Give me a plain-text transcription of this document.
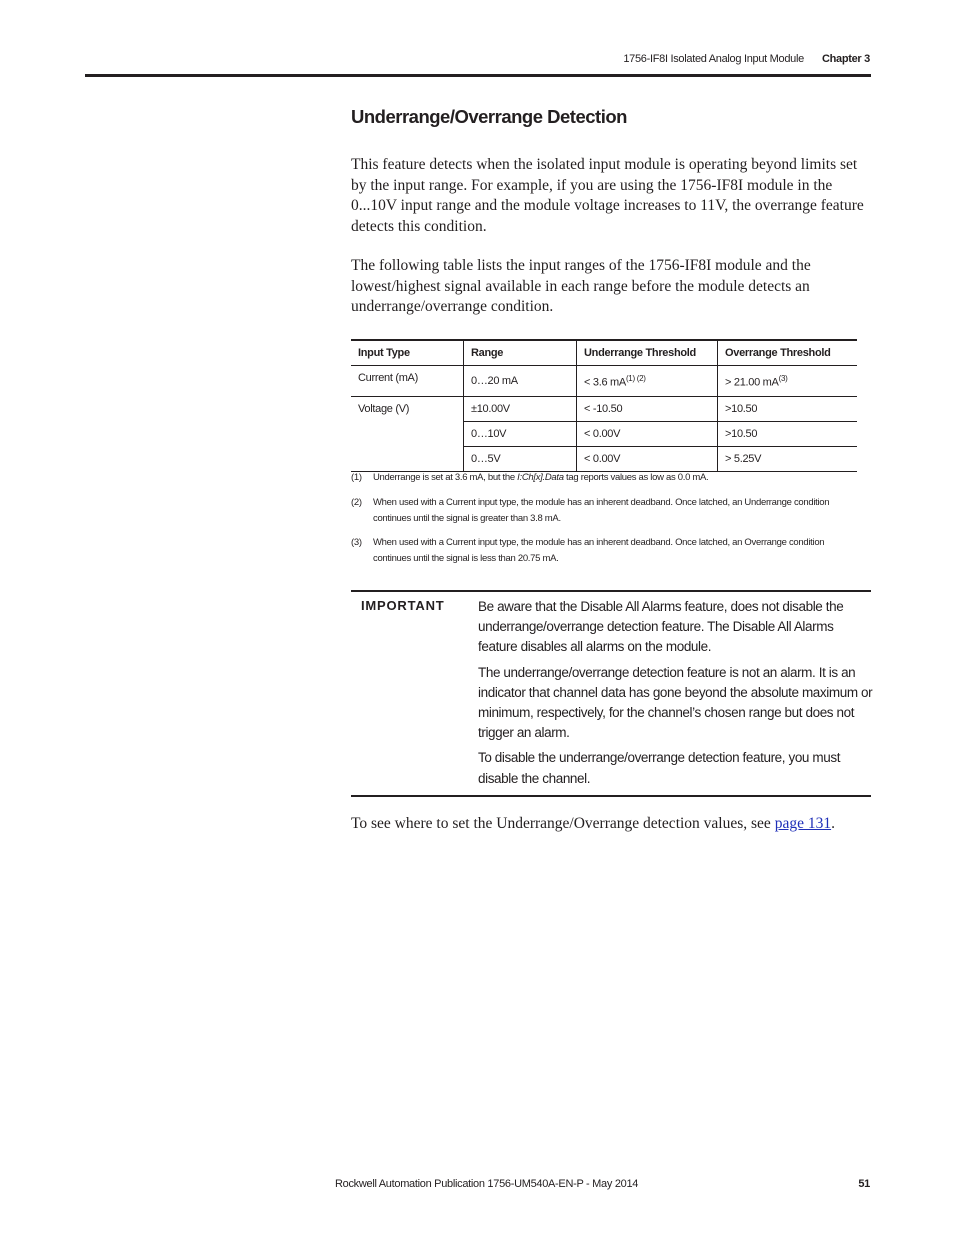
1756-IF8I Isolated Analog Input Module Chapter 3
Underrange/Overrange Detection

This feature detects when the isolated input module is operating beyond limits set by the input range. For example, if you are using the 1756-IF8I module in the 0...10V input range and the module voltage increases to 11V, the overrange feature detects this condition.

The following table lists the input ranges of the 1756-IF8I module and the lowest/highest signal available in each range before the module detects an underrange/overrange condition.

Input Type	Range	Underrange Threshold	Overrange Threshold
Current (mA)	0…20 mA	< 3.6 $mA^{(1) (2)}$	> 21.00 $mA^{(3)}$
Voltage (V)	±10.00V	< -10.50	>10.50
	0…10V	< 0.00V	>10.50
	0…5V	< 0.00V	> 5.25V
(1) Underrange is set at 3.6 mA, but the I:Ch[x].Data tag reports values as low as 0.0 mA.
(2) When used with a Current input type, the module has an inherent deadband. Once latched, an Underrange condition continues until the signal is greater than 3.8 mA.
(3) When used with a Current input type, the module has an inherent deadband. Once latched, an Overrange condition continues until the signal is less than 20.75 mA.
IMPORTANT Be aware that the Disable All Alarms feature, does not disable the underrange/overrange detection feature. The Disable All Alarms feature disables all alarms on the module.

The underrange/overrange detection feature is not an alarm. It is an indicator that channel data has gone beyond the absolute maximum or minimum, respectively, for the channel’s chosen range but does not trigger an alarm.

To disable the underrange/overrange detection feature, you must disable the channel.

To see where to set the Underrange/Overrange detection values, see page 131.

Rockwell Automation Publication 1756-UM540A-EN-P - May 2014	51
